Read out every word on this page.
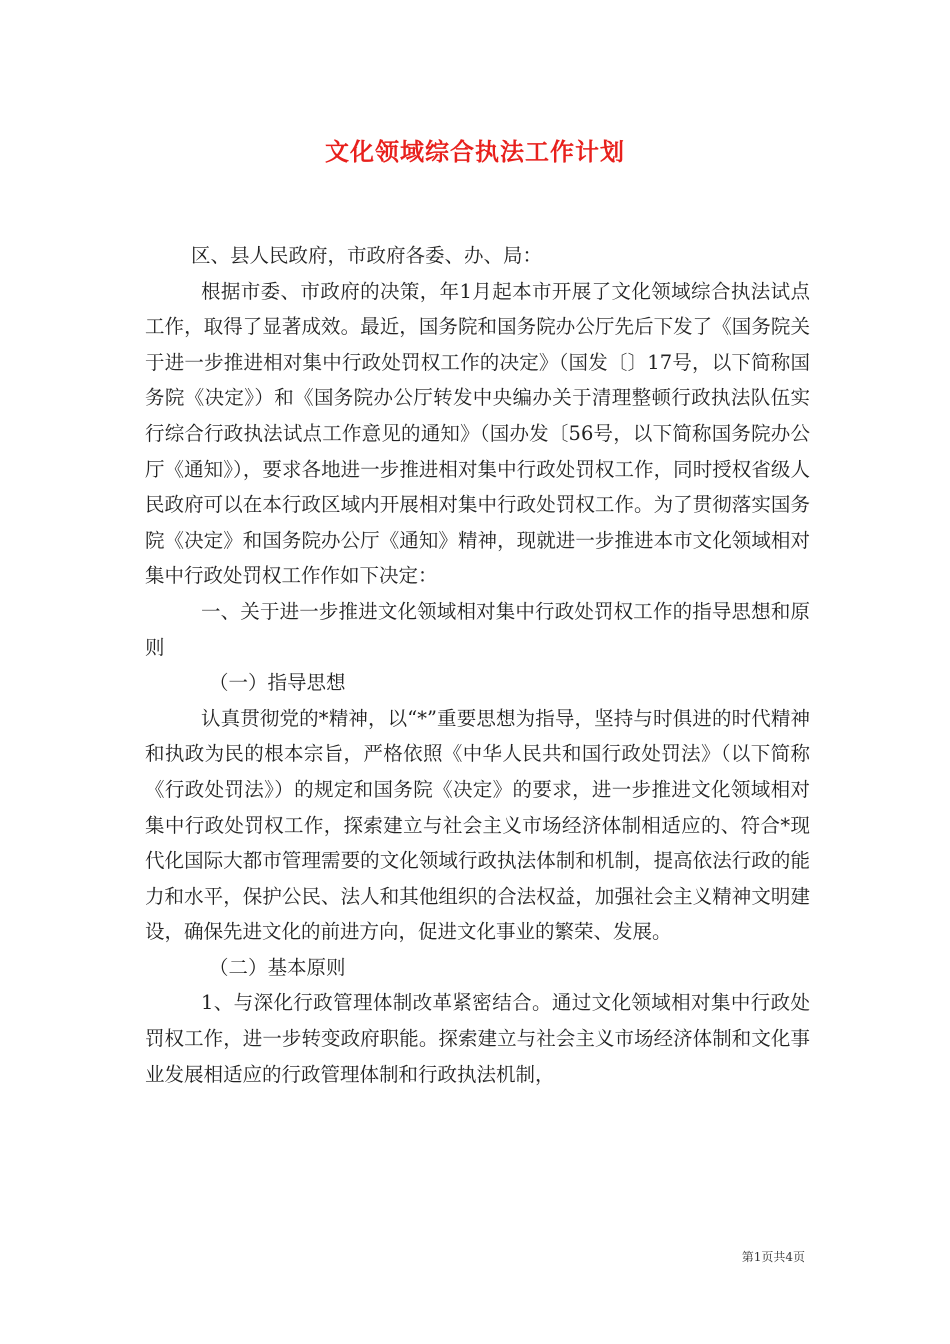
文化领域综合执法工作计划

区、县人民政府，市政府各委、办、局：

根据市委、市政府的决策，年1月起本市开展了文化领域综合执法试点工作，取得了显著成效。最近，国务院和国务院办公厅先后下发了《国务院关于进一步推进相对集中行政处罚权工作的决定》（国发〔〕17号，以下简称国务院《决定》）和《国务院办公厅转发中央编办关于清理整顿行政执法队伍实行综合行政执法试点工作意见的通知》（国办发〔56号，以下简称国务院办公厅《通知》），要求各地进一步推进相对集中行政处罚权工作，同时授权省级人民政府可以在本行政区域内开展相对集中行政处罚权工作。为了贯彻落实国务院《决定》和国务院办公厅《通知》精神，现就进一步推进本市文化领域相对集中行政处罚权工作作如下决定：

一、关于进一步推进文化领域相对集中行政处罚权工作的指导思想和原则

（一）指导思想

认真贯彻党的*精神，以“*”重要思想为指导，坚持与时俱进的时代精神和执政为民的根本宗旨，严格依照《中华人民共和国行政处罚法》（以下简称《行政处罚法》）的规定和国务院《决定》的要求，进一步推进文化领域相对集中行政处罚权工作，探索建立与社会主义市场经济体制相适应的、符合*现代化国际大都市管理需要的文化领域行政执法体制和机制，提高依法行政的能力和水平，保护公民、法人和其他组织的合法权益，加强社会主义精神文明建设，确保先进文化的前进方向，促进文化事业的繁荣、发展。

（二）基本原则

1、与深化行政管理体制改革紧密结合。通过文化领域相对集中行政处罚权工作，进一步转变政府职能。探索建立与社会主义市场经济体制和文化事业发展相适应的行政管理体制和行政执法机制，

第1页共4页
